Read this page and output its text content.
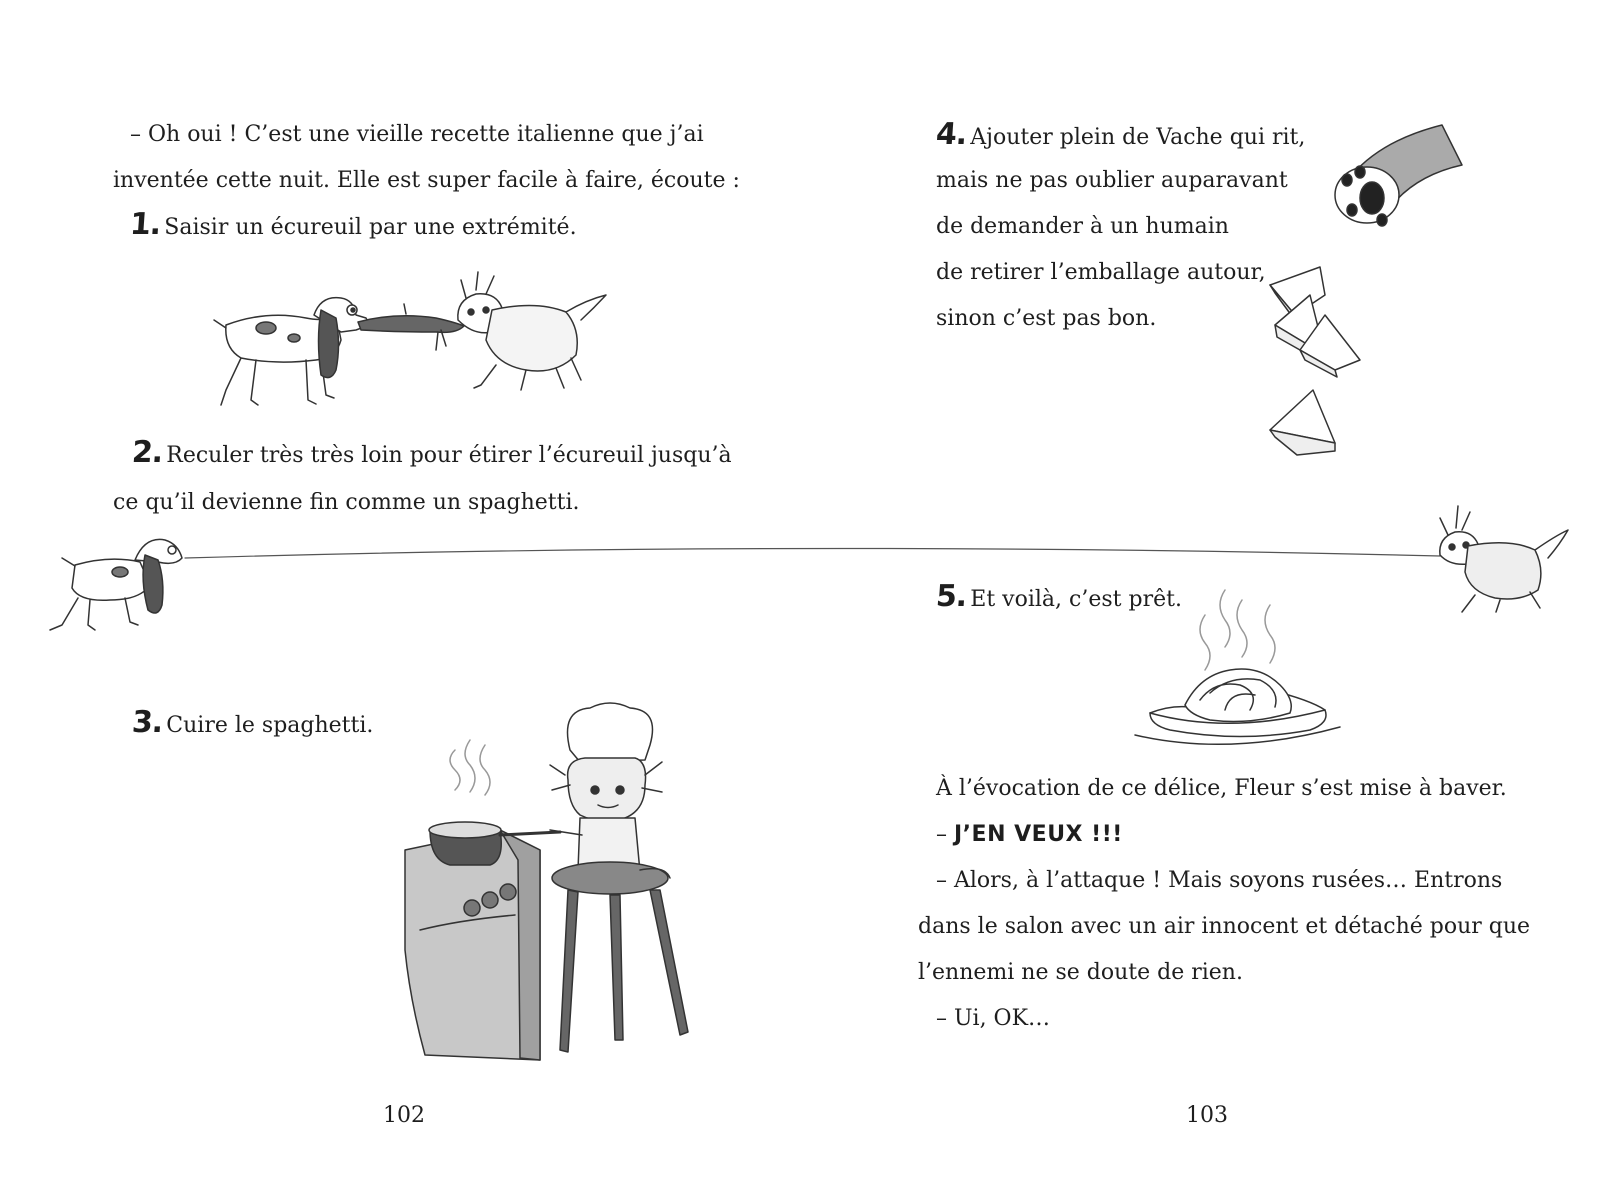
– Oh oui ! C’est une vieille recette italienne que j’ai
inventée cette nuit. Elle est super facile à faire, écoute :
1. Saisir un écureuil par une extrémité.
2. Reculer très très loin pour étirer l’écureuil jusqu’à
ce qu’il devienne fin comme un spaghetti.
3. Cuire le spaghetti.
102
4. Ajouter plein de Vache qui rit,
mais ne pas oublier auparavant
de demander à un humain
de retirer l’emballage autour,
sinon c’est pas bon.
5. Et voilà, c’est prêt.
À l’évocation de ce délice, Fleur s’est mise à baver.
– J’EN VEUX !!!
– Alors, à l’attaque ! Mais soyons rusées… Entrons
dans le salon avec un air innocent et détaché pour que
l’ennemi ne se doute de rien.
– Ui, OK…
103
